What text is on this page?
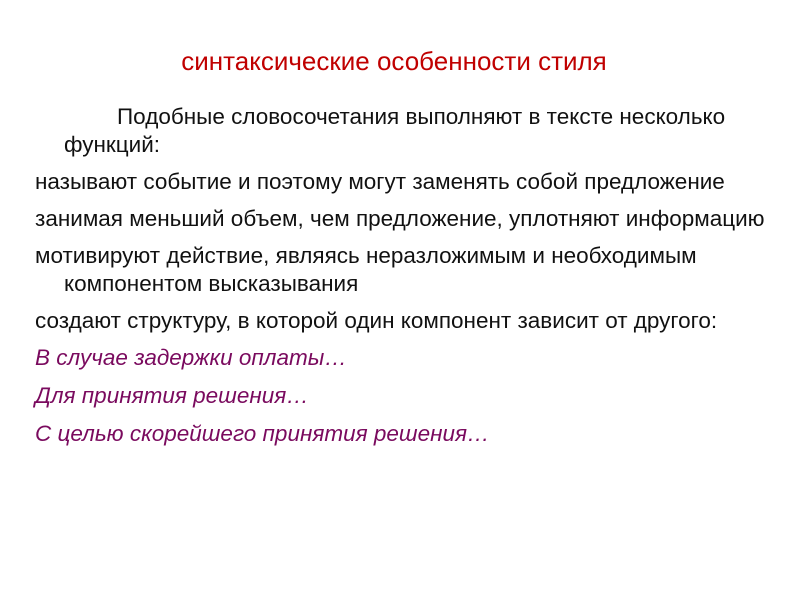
синтаксические особенности стиля

Подобные словосочетания выполняют в тексте несколько функций:

называют событие и поэтому могут заменять собой предложение

занимая меньший объем, чем предложение, уплотняют информацию

мотивируют действие, являясь неразложимым и необходимым компонентом высказывания

создают структуру, в которой один компонент зависит от другого:

В случае задержки оплаты…

Для принятия решения…

С целью скорейшего принятия решения…
